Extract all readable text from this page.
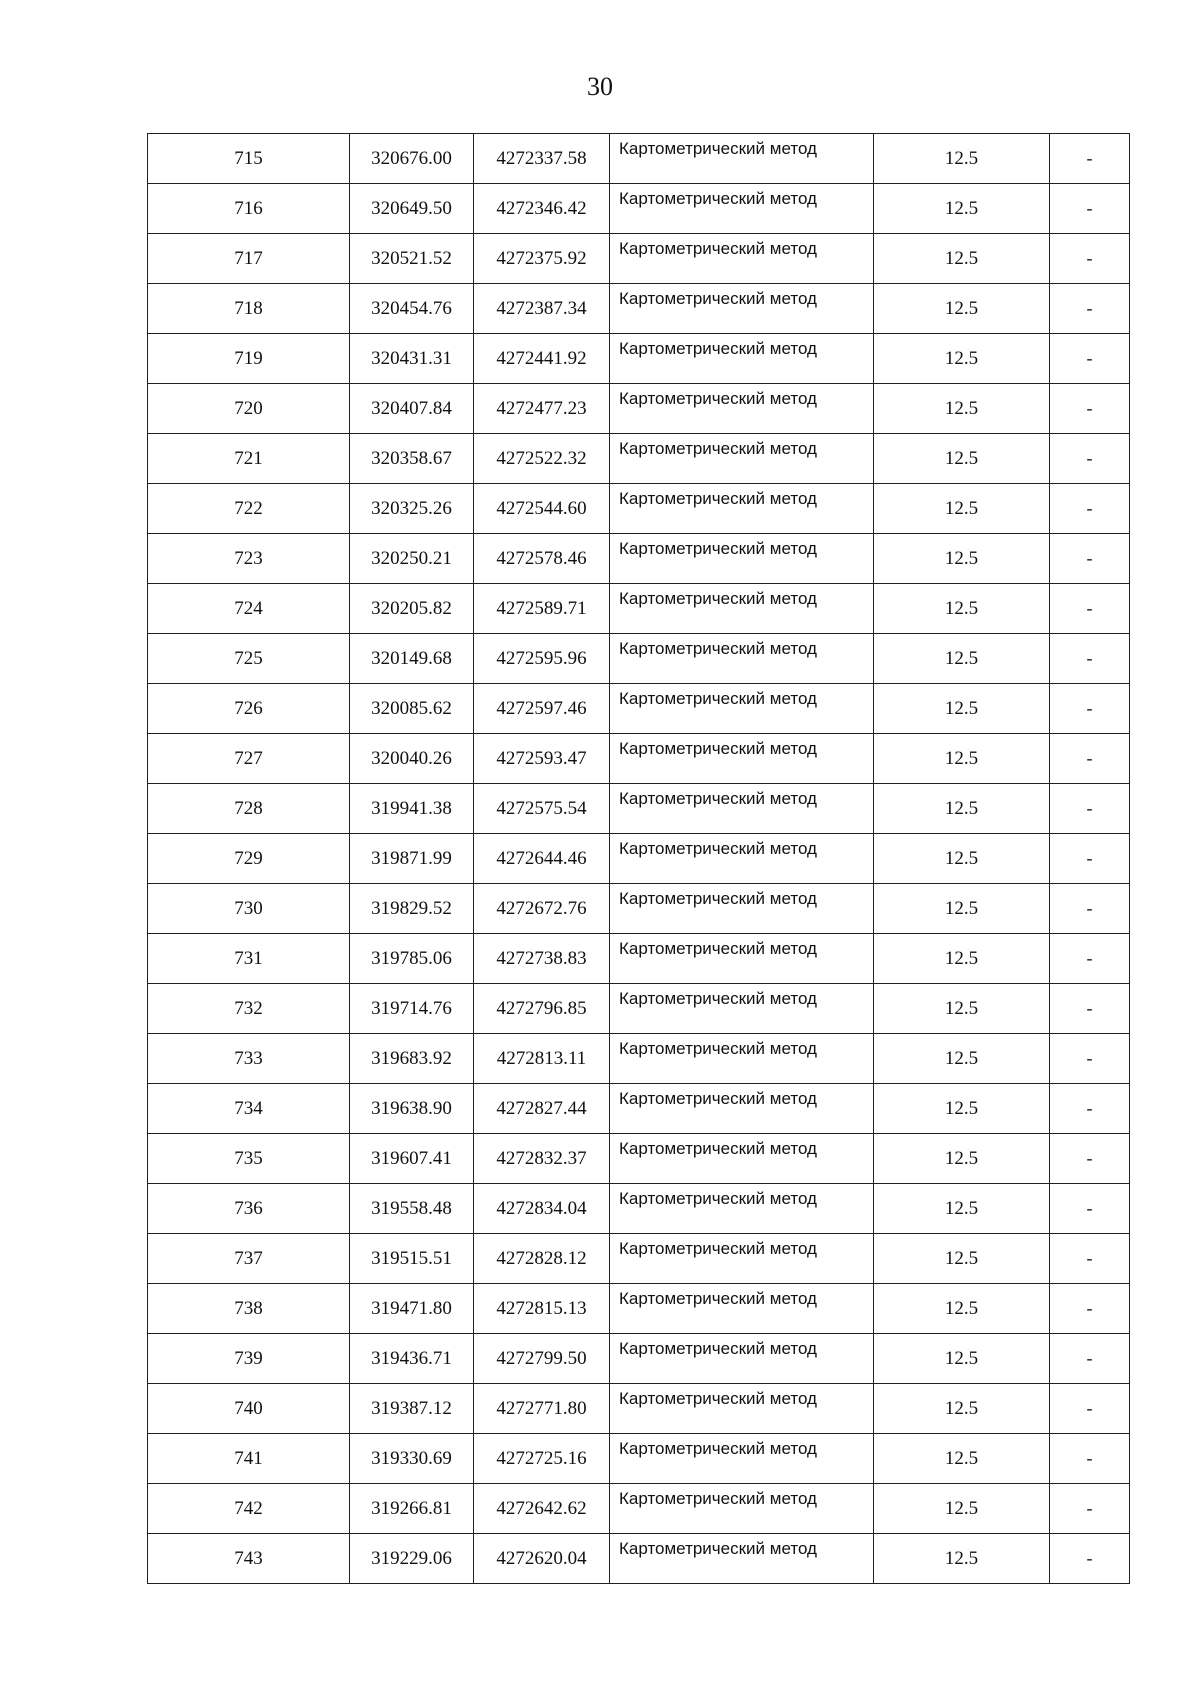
30
715	320676.00	4272337.58	Картометрический метод	12.5	-
716	320649.50	4272346.42	Картометрический метод	12.5	-
717	320521.52	4272375.92	Картометрический метод	12.5	-
718	320454.76	4272387.34	Картометрический метод	12.5	-
719	320431.31	4272441.92	Картометрический метод	12.5	-
720	320407.84	4272477.23	Картометрический метод	12.5	-
721	320358.67	4272522.32	Картометрический метод	12.5	-
722	320325.26	4272544.60	Картометрический метод	12.5	-
723	320250.21	4272578.46	Картометрический метод	12.5	-
724	320205.82	4272589.71	Картометрический метод	12.5	-
725	320149.68	4272595.96	Картометрический метод	12.5	-
726	320085.62	4272597.46	Картометрический метод	12.5	-
727	320040.26	4272593.47	Картометрический метод	12.5	-
728	319941.38	4272575.54	Картометрический метод	12.5	-
729	319871.99	4272644.46	Картометрический метод	12.5	-
730	319829.52	4272672.76	Картометрический метод	12.5	-
731	319785.06	4272738.83	Картометрический метод	12.5	-
732	319714.76	4272796.85	Картометрический метод	12.5	-
733	319683.92	4272813.11	Картометрический метод	12.5	-
734	319638.90	4272827.44	Картометрический метод	12.5	-
735	319607.41	4272832.37	Картометрический метод	12.5	-
736	319558.48	4272834.04	Картометрический метод	12.5	-
737	319515.51	4272828.12	Картометрический метод	12.5	-
738	319471.80	4272815.13	Картометрический метод	12.5	-
739	319436.71	4272799.50	Картометрический метод	12.5	-
740	319387.12	4272771.80	Картометрический метод	12.5	-
741	319330.69	4272725.16	Картометрический метод	12.5	-
742	319266.81	4272642.62	Картометрический метод	12.5	-
743	319229.06	4272620.04	Картометрический метод	12.5	-
